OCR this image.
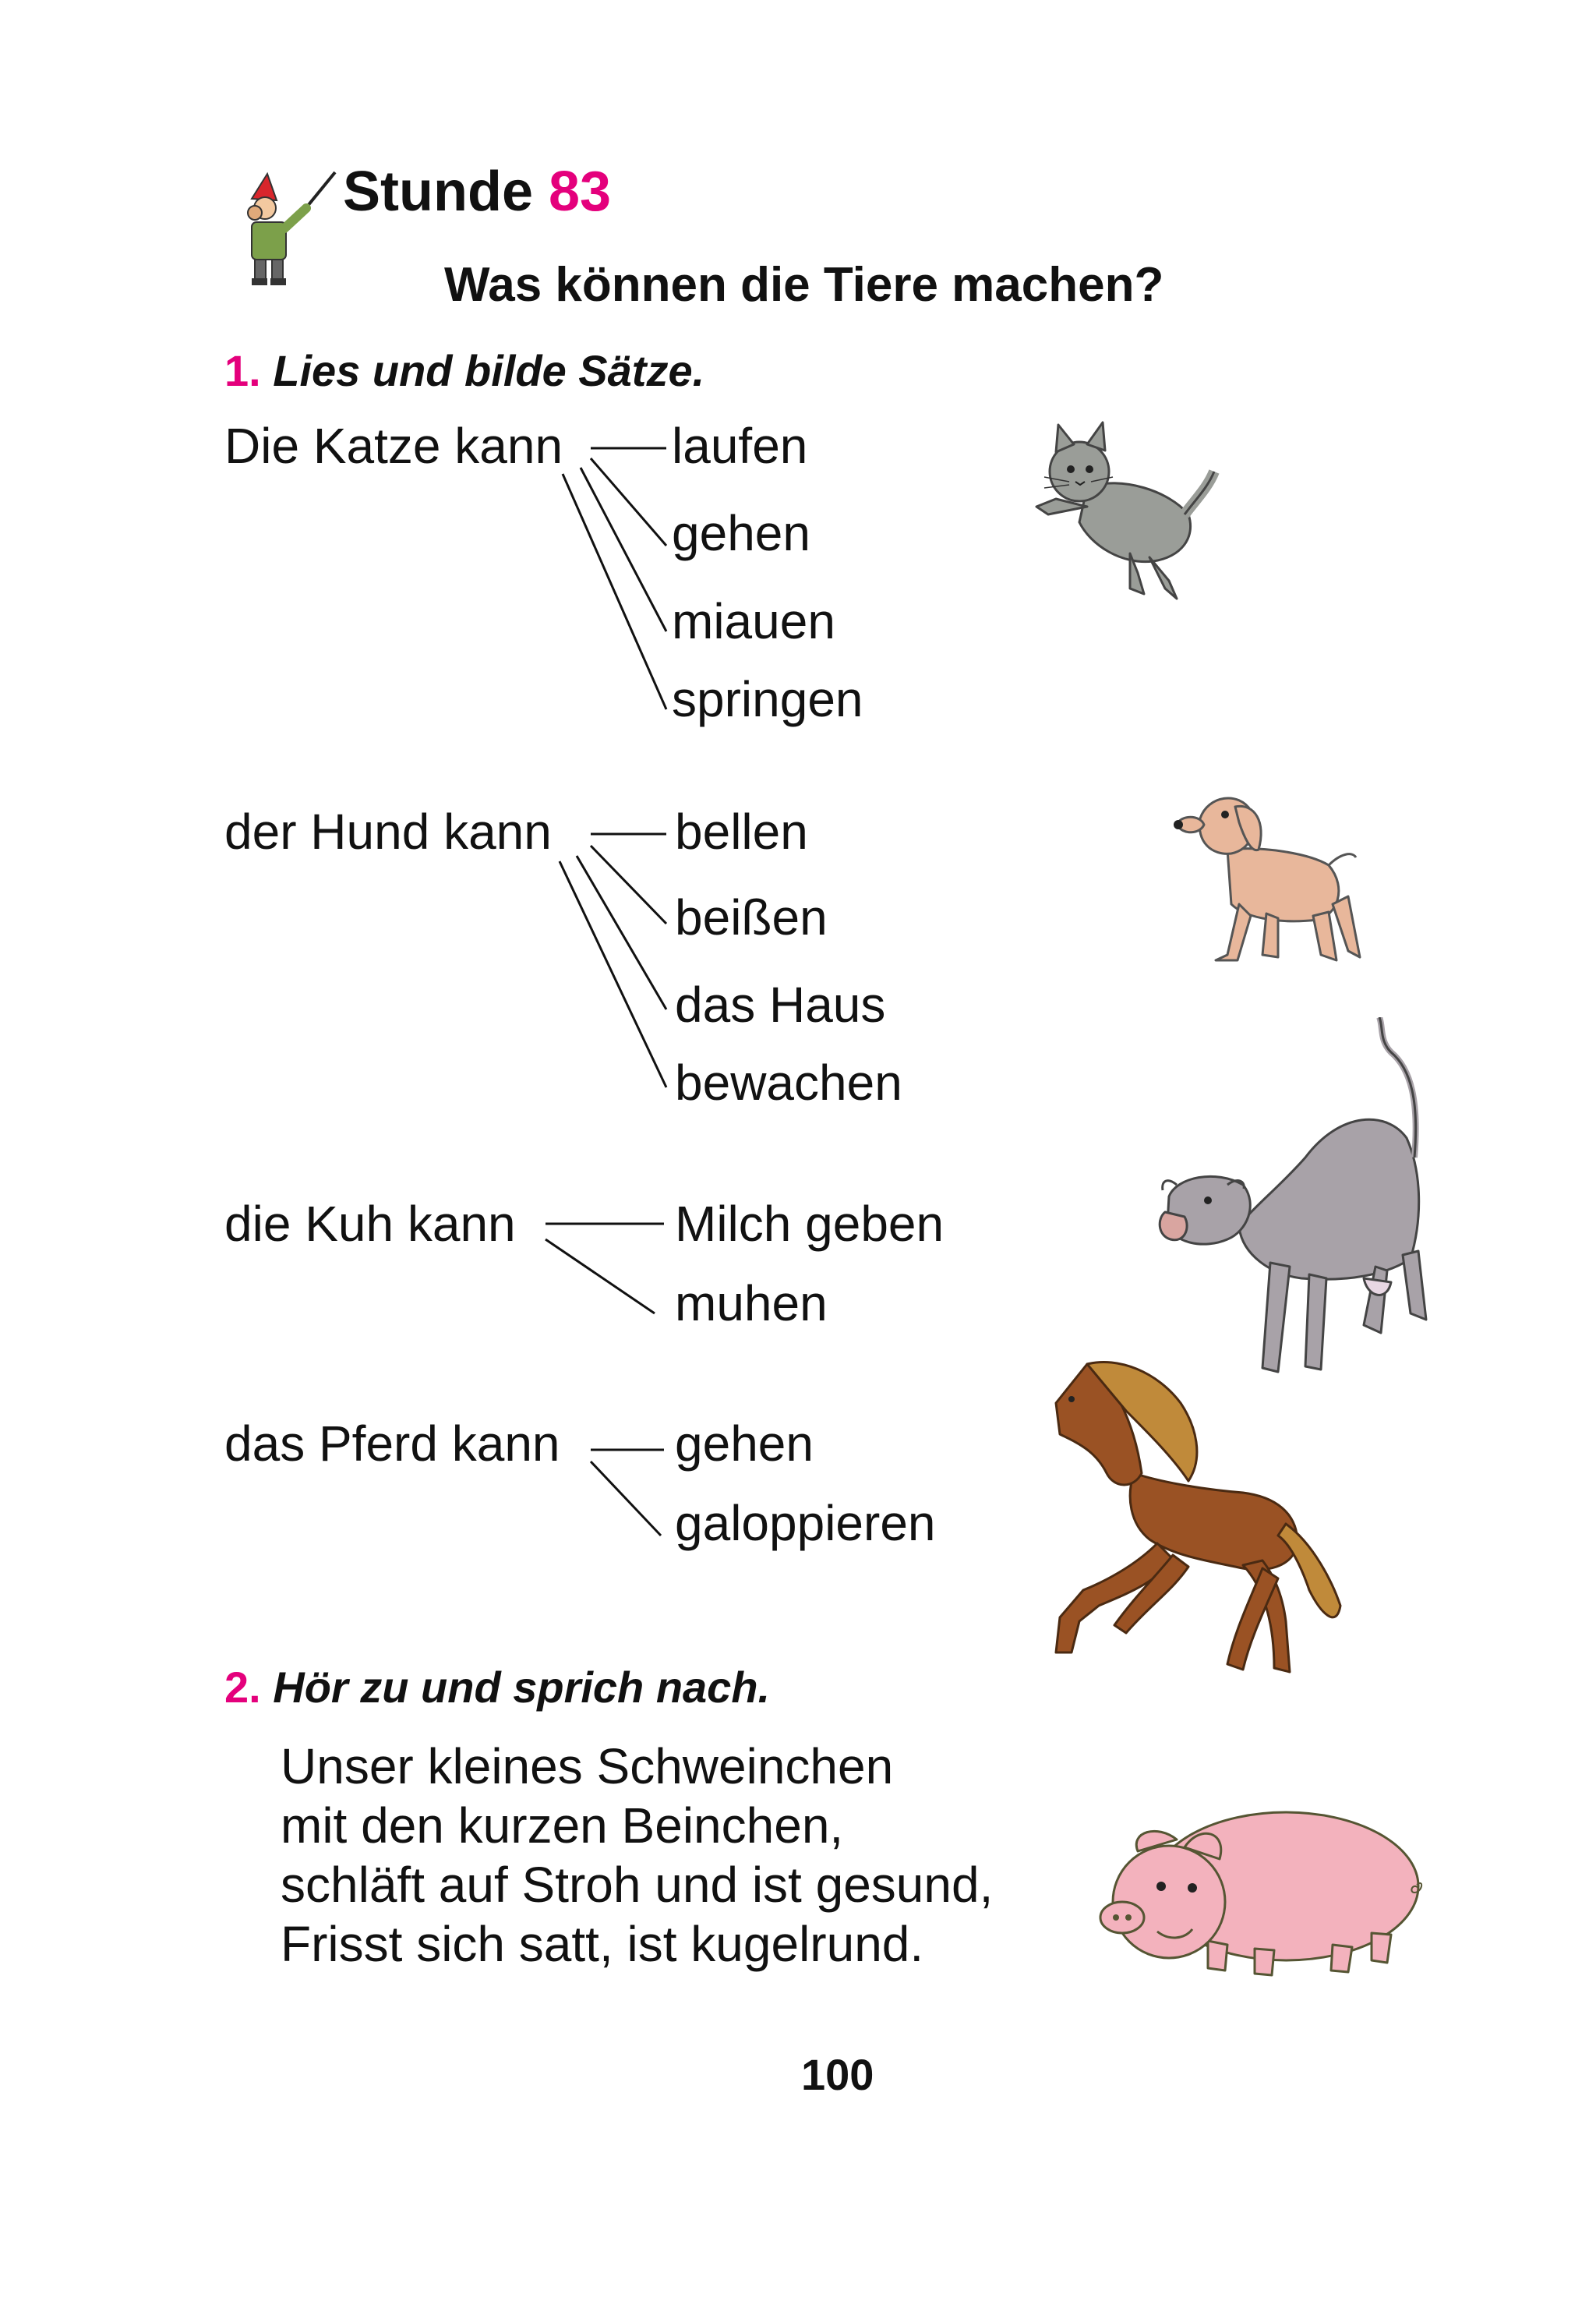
Stunde 83
Was können die Tiere machen?
1. Lies und bilde Sätze.
Die Katze kann laufen
gehen
miauen
springen
der Hund kann bellen
beißen
das Haus
bewachen
die Kuh kann	Milch geben
muhen
das Pferd kann gehen
galoppieren
2. Hör zu und sprich nach.
Unser kleines Schweinchen
mit den kurzen Beinchen,
schläft auf Stroh und ist gesund,
Frisst sich satt, ist kugelrund.
100
